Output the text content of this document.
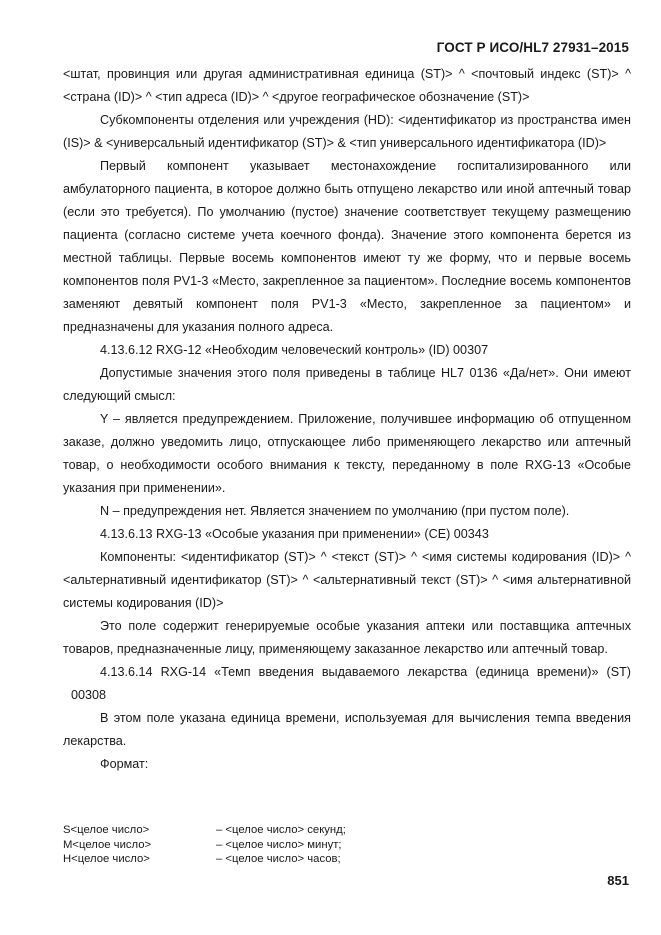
ГОСТ Р ИСО/HL7 27931–2015

<штат, провинция или другая административная единица (ST)> ^ <почтовый индекс (ST)> ^ <страна (ID)> ^ <тип адреса (ID)> ^ <другое географическое обозначение (ST)>

Субкомпоненты отделения или учреждения (HD): <идентификатор из пространства имен (IS)> & <универсальный идентификатор (ST)> & <тип универсального идентификатора (ID)>

Первый компонент указывает местонахождение госпитализированного или амбулаторного пациента, в которое должно быть отпущено лекарство или иной аптечный товар (если это требуется). По умолчанию (пустое) значение соответствует текущему размещению пациента (согласно системе учета коечного фонда). Значение этого компонента берется из местной таблицы. Первые восемь компонентов имеют ту же форму, что и первые восемь компонентов поля PV1-3 «Место, закрепленное за пациентом». Последние восемь компонентов заменяют девятый компонент поля PV1-3 «Место, закрепленное за пациентом» и предназначены для указания полного адреса.

4.13.6.12 RXG-12 «Необходим человеческий контроль» (ID) 00307

Допустимые значения этого поля приведены в таблице HL7 0136 «Да/нет». Они имеют следующий смысл:

Y – является предупреждением. Приложение, получившее информацию об отпущенном заказе, должно уведомить лицо, отпускающее либо применяющего лекарство или аптечный товар, о необходимости особого внимания к тексту, переданному в поле RXG-13 «Особые указания при применении».

N – предупреждения нет. Является значением по умолчанию (при пустом поле).

4.13.6.13 RXG-13 «Особые указания при применении» (CE) 00343

Компоненты: <идентификатор (ST)> ^ <текст (ST)> ^ <имя системы кодирования (ID)> ^ <альтернативный идентификатор (ST)> ^ <альтернативный текст (ST)> ^ <имя альтернативной системы кодирования (ID)>

Это поле содержит генерируемые особые указания аптеки или поставщика аптечных товаров, предназначенные лицу, применяющему заказанное лекарство или аптечный товар.

4.13.6.14 RXG-14 «Темп введения выдаваемого лекарства (единица времени)» (ST) 00308

В этом поле указана единица времени, используемая для вычисления темпа введения лекарства.

Формат:

S<целое число>	– <целое число> секунд;
M<целое число>	– <целое число> минут;
H<целое число>	– <целое число> часов;
851
